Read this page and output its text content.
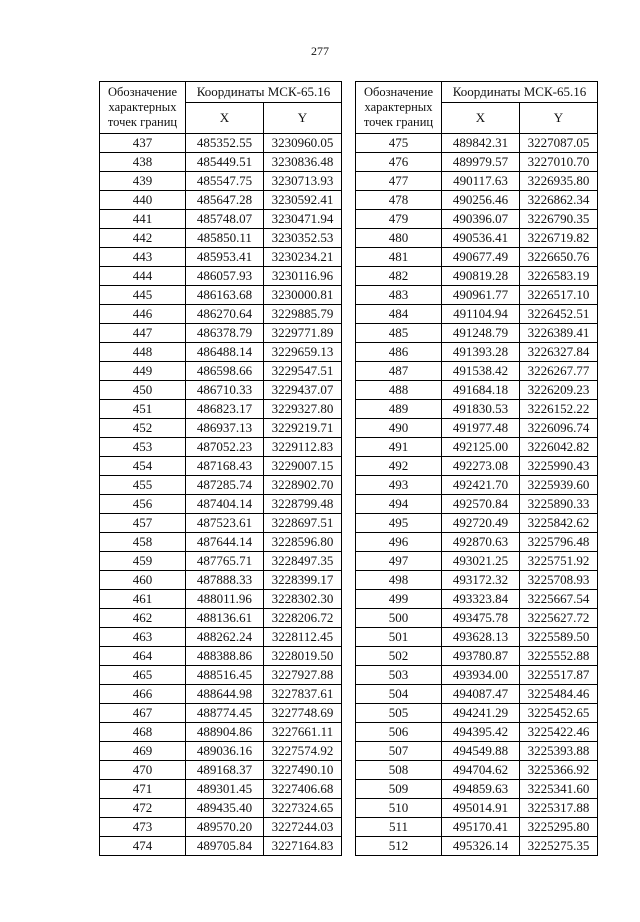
277
Обозначение
характерных
точек границ	Координаты МСК-65.16	
	X	Y
437	485352.55	3230960.05
438	485449.51	3230836.48
439	485547.75	3230713.93
440	485647.28	3230592.41
441	485748.07	3230471.94
442	485850.11	3230352.53
443	485953.41	3230234.21
444	486057.93	3230116.96
445	486163.68	3230000.81
446	486270.64	3229885.79
447	486378.79	3229771.89
448	486488.14	3229659.13
449	486598.66	3229547.51
450	486710.33	3229437.07
451	486823.17	3229327.80
452	486937.13	3229219.71
453	487052.23	3229112.83
454	487168.43	3229007.15
455	487285.74	3228902.70
456	487404.14	3228799.48
457	487523.61	3228697.51
458	487644.14	3228596.80
459	487765.71	3228497.35
460	487888.33	3228399.17
461	488011.96	3228302.30
462	488136.61	3228206.72
463	488262.24	3228112.45
464	488388.86	3228019.50
465	488516.45	3227927.88
466	488644.98	3227837.61
467	488774.45	3227748.69
468	488904.86	3227661.11
469	489036.16	3227574.92
470	489168.37	3227490.10
471	489301.45	3227406.68
472	489435.40	3227324.65
473	489570.20	3227244.03
474	489705.84	3227164.83
Обозначение
характерных
точек границ	Координаты МСК-65.16	
	X	Y
475	489842.31	3227087.05
476	489979.57	3227010.70
477	490117.63	3226935.80
478	490256.46	3226862.34
479	490396.07	3226790.35
480	490536.41	3226719.82
481	490677.49	3226650.76
482	490819.28	3226583.19
483	490961.77	3226517.10
484	491104.94	3226452.51
485	491248.79	3226389.41
486	491393.28	3226327.84
487	491538.42	3226267.77
488	491684.18	3226209.23
489	491830.53	3226152.22
490	491977.48	3226096.74
491	492125.00	3226042.82
492	492273.08	3225990.43
493	492421.70	3225939.60
494	492570.84	3225890.33
495	492720.49	3225842.62
496	492870.63	3225796.48
497	493021.25	3225751.92
498	493172.32	3225708.93
499	493323.84	3225667.54
500	493475.78	3225627.72
501	493628.13	3225589.50
502	493780.87	3225552.88
503	493934.00	3225517.87
504	494087.47	3225484.46
505	494241.29	3225452.65
506	494395.42	3225422.46
507	494549.88	3225393.88
508	494704.62	3225366.92
509	494859.63	3225341.60
510	495014.91	3225317.88
511	495170.41	3225295.80
512	495326.14	3225275.35
